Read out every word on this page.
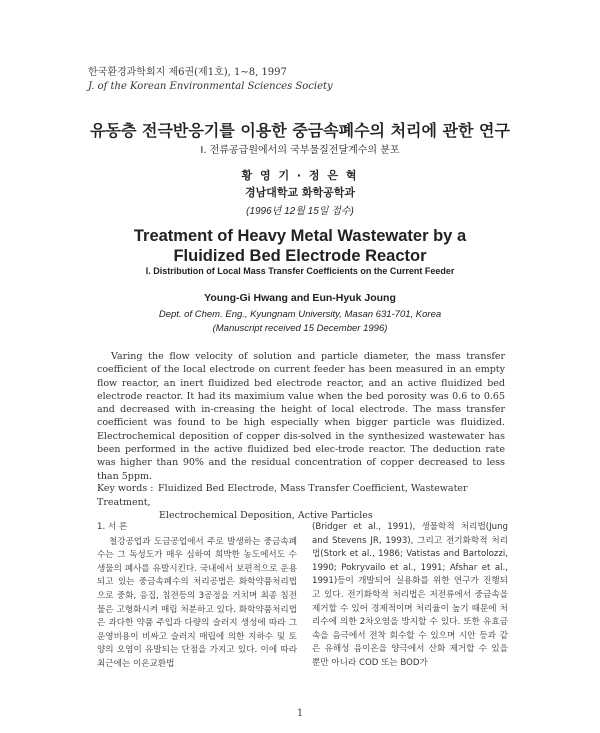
한국환경과학회지 제6권(제1호), 1∼8, 1997
J. of the Korean Environmental Sciences Society
유동층 전극반응기를 이용한 중금속폐수의 처리에 관한 연구
Ⅰ. 전류공급원에서의 국부물질전달계수의 분포
황 영 기 · 정 은 혁
경남대학교 화학공학과
(1996년 12월 15일 접수)
Treatment of Heavy Metal Wastewater by a Fluidized Bed Electrode Reactor
Ⅰ. Distribution of Local Mass Transfer Coefficients on the Current Feeder
Young-Gi Hwang and Eun-Hyuk Joung
Dept. of Chem. Eng., Kyungnam University, Masan 631-701, Korea
(Manuscript received 15 December 1996)
Varing the flow velocity of solution and particle diameter, the mass transfer coefficient of the local electrode on current feeder has been measured in an empty flow reactor, an inert fluidized bed electrode reactor, and an active fluidized bed electrode reactor. It had its maximium value when the bed porosity was 0.6 to 0.65 and decreased with in-creasing the height of local electrode. The mass transfer coefficient was found to be high especially when bigger particle was fluidized. Electrochemical deposition of copper dis-solved in the synthesized wastewater has been performed in the active fluidized bed elec-trode reactor. The deduction rate was higher than 90% and the residual concentration of copper decreased to less than 5ppm.
Key words : Fluidized Bed Electrode, Mass Transfer Coefficient, Wastewater Treatment,
Electrochemical Deposition, Active Particles

1. 서 론

철강공업과 도금공업에서 주로 발생하는 중금속폐수는 그 독성도가 매우 심하여 희박한 농도에서도 수생물의 폐사를 유발시킨다. 국내에서 보편적으로 운용되고 있는 중금속폐수의 처리공법은 화학약품처리법으로 중화, 응집, 침전등의 3공정을 거치며 최종 침전물은 고형화시켜 매립 처분하고 있다. 화학약품처리법은 과다한 약품 주입과 다량의 슬러지 생성에 따라 그 운영비용이 비싸고 슬러지 매립에 의한 지하수 및 토양의 오염이 유발되는 단점을 가지고 있다. 이에 따라 최근에는 이온교환법

(Bridger et al., 1991), 생물학적 처리법(Jung and Stevens JR, 1993), 그리고 전기화학적 처리법(Stork et al., 1986; Vatistas and Bartolozzi, 1990; Pokryvailo et al., 1991; Afshar et al., 1991)등이 개발되어 실용화를 위한 연구가 진행되고 있다. 전기화학적 처리법은 저전류에서 중금속을 제거할 수 있어 경제적이며 처리율이 높기 때문에 처리수에 의한 2차오염을 방지할 수 있다. 또한 유효금속을 음극에서 전착 회수할 수 있으며 시안 등과 같은 유해성 음이온을 양극에서 산화 제거할 수 있을 뿐만 아니라 COD 또는 BOD가

1
